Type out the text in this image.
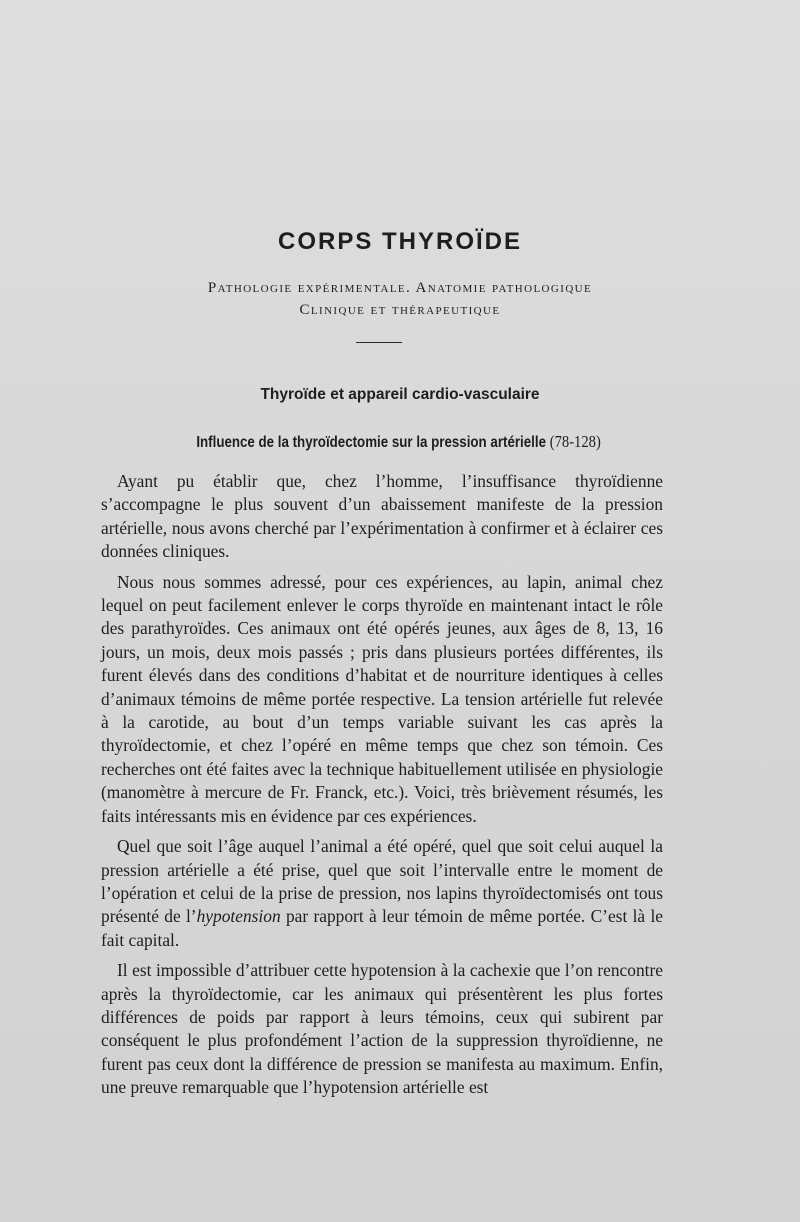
CORPS THYROÏDE
Pathologie expérimentale. Anatomie pathologique
Clinique et thérapeutique
Thyroïde et appareil cardio-vasculaire
Influence de la thyroïdectomie sur la pression artérielle (78-128)

Ayant pu établir que, chez l’homme, l’insuffisance thyroïdienne s’accompagne le plus souvent d’un abaissement manifeste de la pression artérielle, nous avons cherché par l’expérimentation à confirmer et à éclairer ces données cliniques.

Nous nous sommes adressé, pour ces expériences, au lapin, animal chez lequel on peut facilement enlever le corps thyroïde en maintenant intact le rôle des parathyroïdes. Ces animaux ont été opérés jeunes, aux âges de 8, 13, 16 jours, un mois, deux mois passés ; pris dans plusieurs portées différentes, ils furent élevés dans des conditions d’habitat et de nourriture identiques à celles d’animaux témoins de même portée respective. La tension artérielle fut relevée à la carotide, au bout d’un temps variable suivant les cas après la thyroïdectomie, et chez l’opéré en même temps que chez son témoin. Ces recherches ont été faites avec la technique habituellement utilisée en physiologie (manomètre à mercure de Fr. Franck, etc.). Voici, très brièvement résumés, les faits intéressants mis en évidence par ces expériences.

Quel que soit l’âge auquel l’animal a été opéré, quel que soit celui auquel la pression artérielle a été prise, quel que soit l’intervalle entre le moment de l’opération et celui de la prise de pression, nos lapins thyroïdectomisés ont tous présenté de l’hypotension par rapport à leur témoin de même portée. C’est là le fait capital.

Il est impossible d’attribuer cette hypotension à la cachexie que l’on rencontre après la thyroïdectomie, car les animaux qui présentèrent les plus fortes différences de poids par rapport à leurs témoins, ceux qui subirent par conséquent le plus profondément l’action de la suppression thyroïdienne, ne furent pas ceux dont la différence de pression se manifesta au maximum. Enfin, une preuve remarquable que l’hypotension artérielle est
